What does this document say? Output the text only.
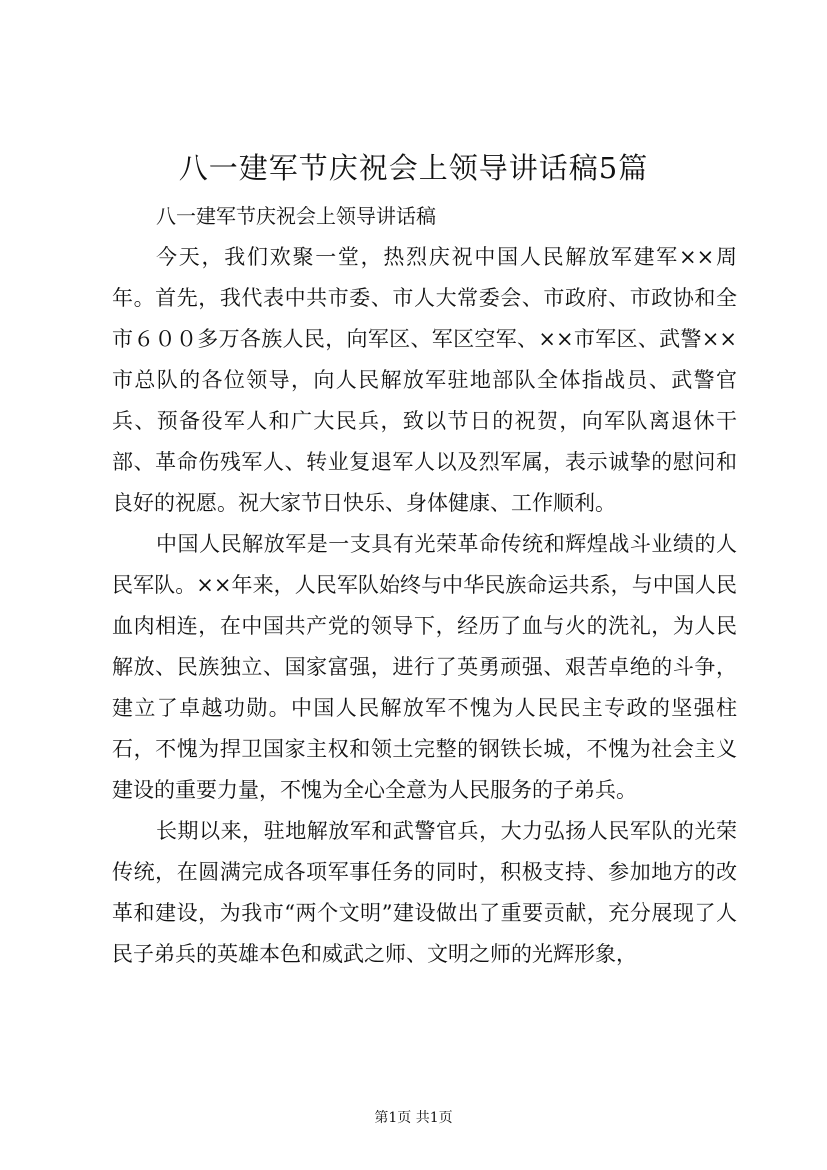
八一建军节庆祝会上领导讲话稿5篇

八一建军节庆祝会上领导讲话稿

今天，我们欢聚一堂，热烈庆祝中国人民解放军建军××周年。首先，我代表中共市委、市人大常委会、市政府、市政协和全市６００多万各族人民，向军区、军区空军、××市军区、武警××市总队的各位领导，向人民解放军驻地部队全体指战员、武警官兵、预备役军人和广大民兵，致以节日的祝贺，向军队离退休干部、革命伤残军人、转业复退军人以及烈军属，表示诚挚的慰问和良好的祝愿。祝大家节日快乐、身体健康、工作顺利。

中国人民解放军是一支具有光荣革命传统和辉煌战斗业绩的人民军队。××年来，人民军队始终与中华民族命运共系，与中国人民血肉相连，在中国共产党的领导下，经历了血与火的洗礼，为人民解放、民族独立、国家富强，进行了英勇顽强、艰苦卓绝的斗争，建立了卓越功勋。中国人民解放军不愧为人民民主专政的坚强柱石，不愧为捍卫国家主权和领土完整的钢铁长城，不愧为社会主义建设的重要力量，不愧为全心全意为人民服务的子弟兵。

长期以来，驻地解放军和武警官兵，大力弘扬人民军队的光荣传统，在圆满完成各项军事任务的同时，积极支持、参加地方的改革和建设，为我市“两个文明”建设做出了重要贡献，充分展现了人民子弟兵的英雄本色和威武之师、文明之师的光辉形象，

第1页 共1页
